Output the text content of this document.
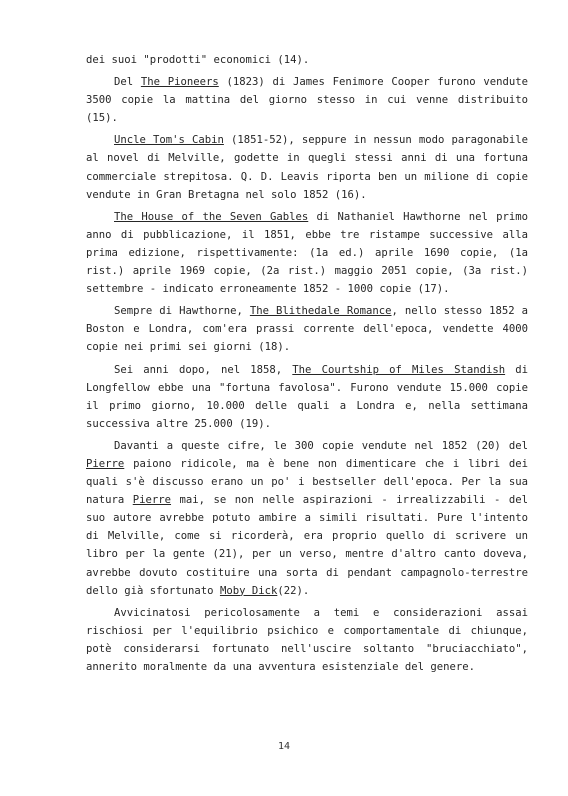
dei suoi "prodotti" economici (14).

Del The Pioneers (1823) di James Fenimore Cooper furono vendute 3500 copie la mattina del giorno stesso in cui venne distribuito (15).

Uncle Tom's Cabin (1851-52), seppure in nessun modo paragonabile al novel di Melville, godette in quegli stessi anni di una fortuna commerciale strepitosa. Q. D. Leavis riporta ben un milione di copie vendute in Gran Bretagna nel solo 1852 (16).

The House of the Seven Gables di Nathaniel Hawthorne nel primo anno di pubblicazione, il 1851, ebbe tre ristampe successive alla prima edizione, rispettivamente: (1a ed.) aprile 1690 copie, (1a rist.) aprile 1969 copie, (2a rist.) maggio 2051 copie, (3a rist.) settembre - indicato erroneamente 1852 - 1000 copie (17).

Sempre di Hawthorne, The Blithedale Romance, nello stesso 1852 a Boston e Londra, com'era prassi corrente dell'epoca, vendette 4000 copie nei primi sei giorni (18).

Sei anni dopo, nel 1858, The Courtship of Miles Standish di Longfellow ebbe una "fortuna favolosa". Furono vendute 15.000 copie il primo giorno, 10.000 delle quali a Londra e, nella settimana successiva altre 25.000 (19).

Davanti a queste cifre, le 300 copie vendute nel 1852 (20) del Pierre paiono ridicole, ma è bene non dimenticare che i libri dei quali s'è discusso erano un po' i bestseller dell'epoca. Per la sua natura Pierre mai, se non nelle aspirazioni - irrealizzabili - del suo autore avrebbe potuto ambire a simili risultati. Pure l'intento di Melville, come si ricorderà, era proprio quello di scrivere un libro per la gente (21), per un verso, mentre d'altro canto doveva, avrebbe dovuto costituire una sorta di pendant campagnolo-terrestre dello già sfortunato Moby Dick(22).

Avvicinatosi pericolosamente a temi e considerazioni assai rischiosi per l'equilibrio psichico e comportamentale di chiunque, potè considerarsi fortunato nell'uscire soltanto "bruciacchiato", annerito moralmente da una avventura esistenziale del genere.

14
